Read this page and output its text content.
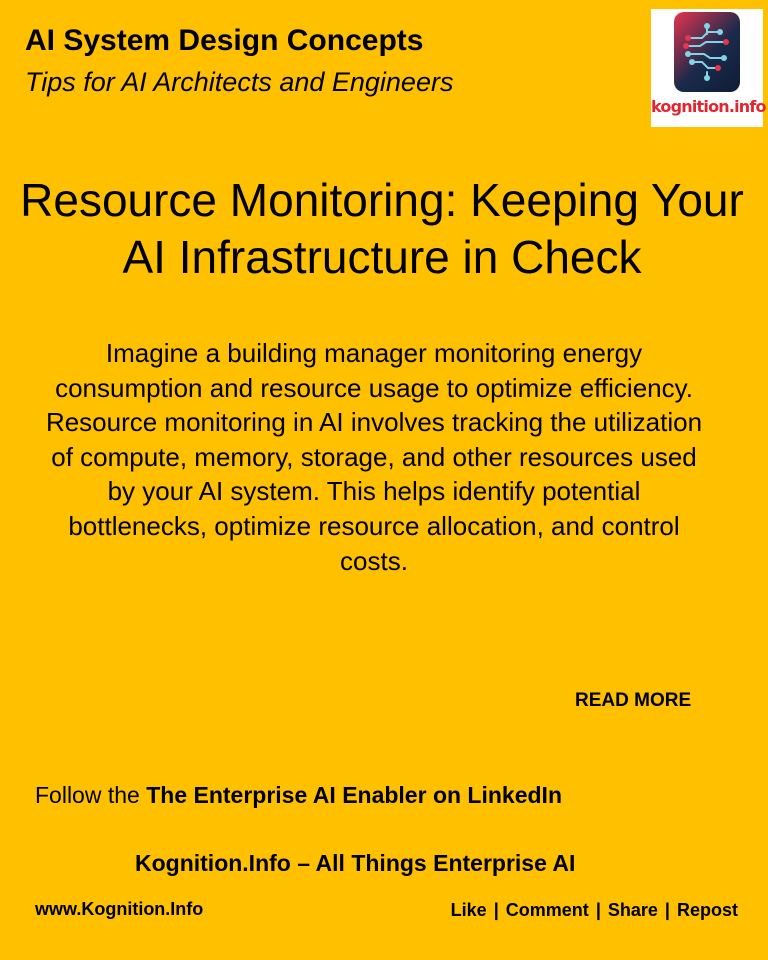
AI System Design Concepts
Tips for AI Architects and Engineers
kognition.info
Resource Monitoring: Keeping Your AI Infrastructure in Check
Imagine a building manager monitoring energy consumption and resource usage to optimize efficiency. Resource monitoring in AI involves tracking the utilization of compute, memory, storage, and other resources used by your AI system. This helps identify potential bottlenecks, optimize resource allocation, and control costs.
READ MORE
Follow the The Enterprise AI Enabler on LinkedIn
Kognition.Info – All Things Enterprise AI
www.Kognition.Info	Like | Comment | Share | Repost
